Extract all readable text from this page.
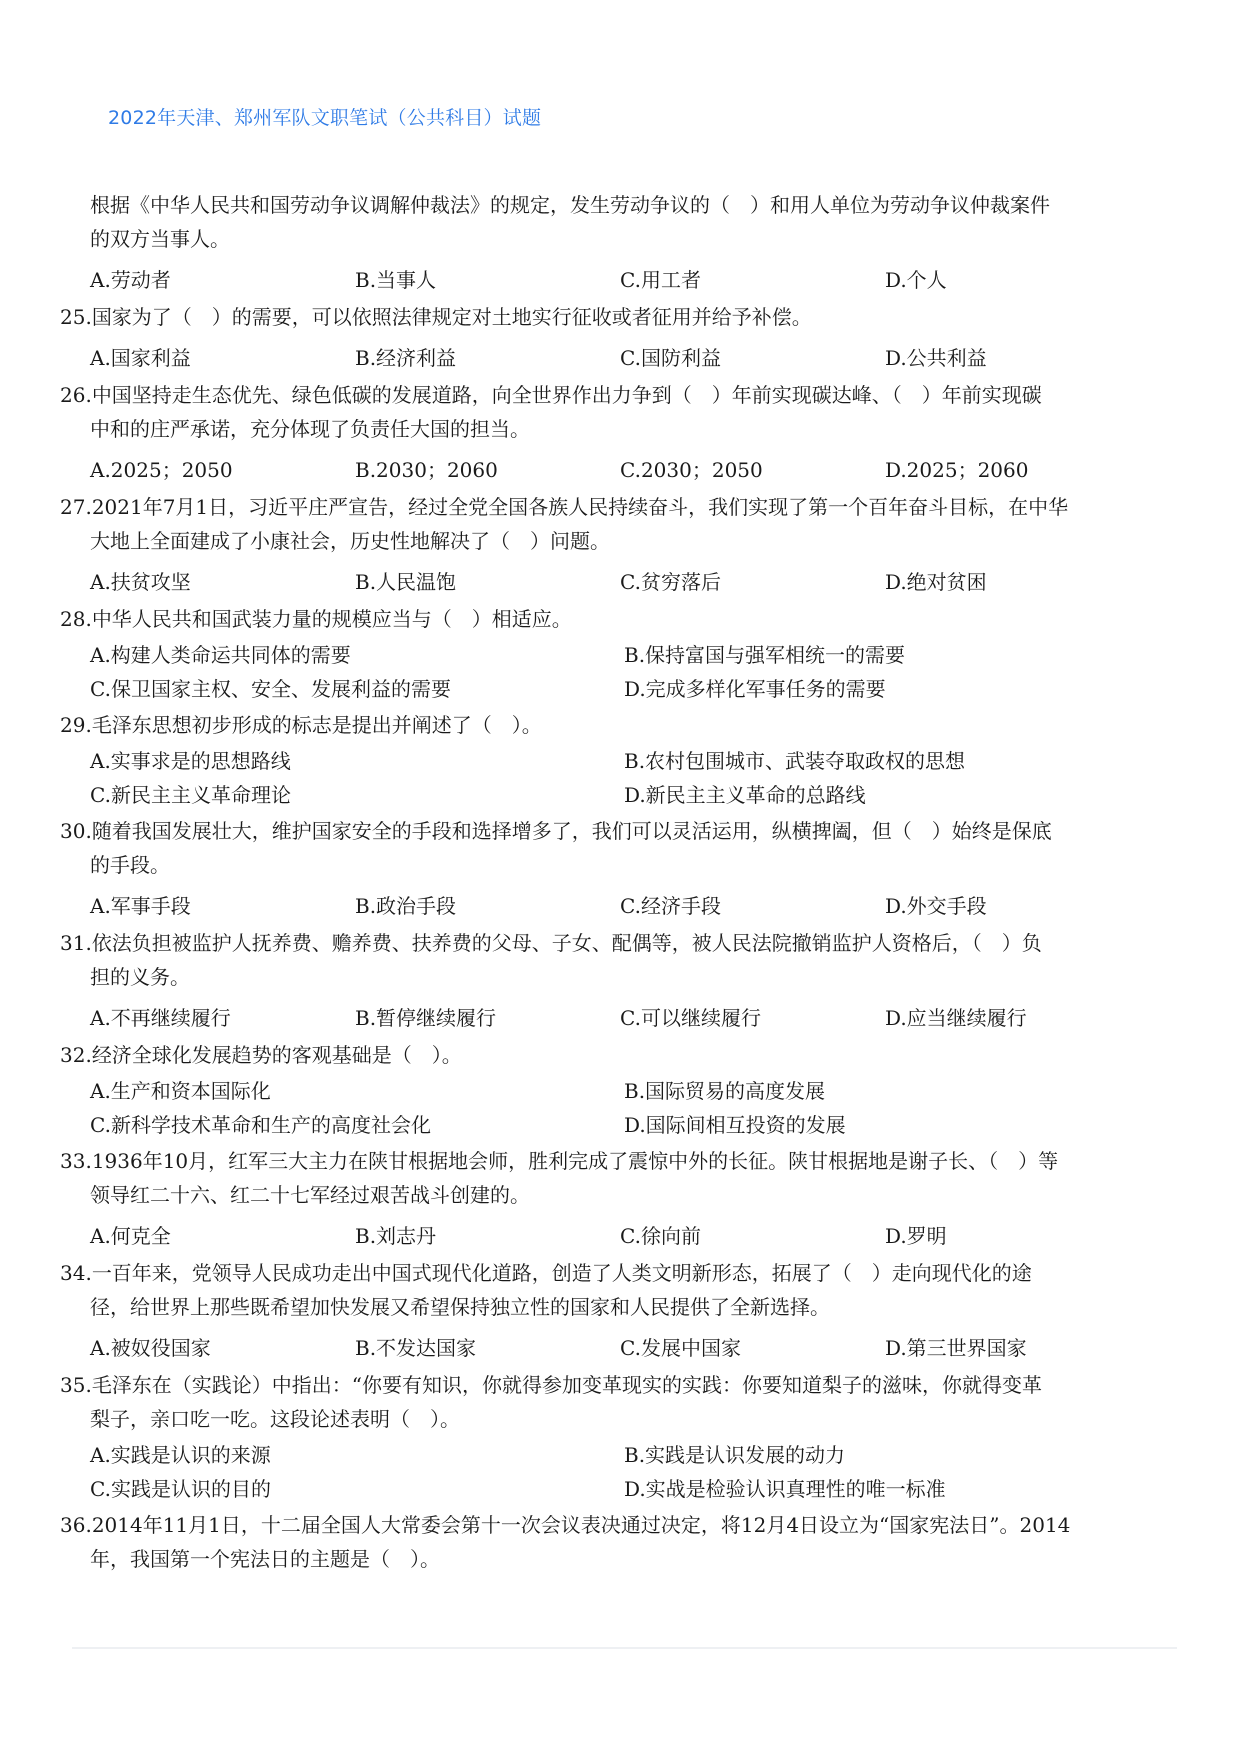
2022年天津、郑州军队文职笔试（公共科目）试题
根据《中华人民共和国劳动争议调解仲裁法》的规定，发生劳动争议的（　）和用人单位为劳动争议仲裁案件
的双方当事人。
A.劳动者	B.当事人	C.用工者	D.个人
25.国家为了（　）的需要，可以依照法律规定对土地实行征收或者征用并给予补偿。
A.国家利益	B.经济利益	C.国防利益	D.公共利益
26.中国坚持走生态优先、绿色低碳的发展道路，向全世界作出力争到（　）年前实现碳达峰、（　）年前实现碳
中和的庄严承诺，充分体现了负责任大国的担当。
A.2025；2050	B.2030；2060	C.2030；2050	D.2025；2060
27.2021年7月1日，习近平庄严宣告，经过全党全国各族人民持续奋斗，我们实现了第一个百年奋斗目标，在中华
大地上全面建成了小康社会，历史性地解决了（　）问题。
A.扶贫攻坚	B.人民温饱	C.贫穷落后	D.绝对贫困
28.中华人民共和国武装力量的规模应当与（　）相适应。
A.构建人类命运共同体的需要	B.保持富国与强军相统一的需要
C.保卫国家主权、安全、发展利益的需要	D.完成多样化军事任务的需要
29.毛泽东思想初步形成的标志是提出并阐述了（　）。
A.实事求是的思想路线	B.农村包围城市、武装夺取政权的思想
C.新民主主义革命理论	D.新民主主义革命的总路线
30.随着我国发展壮大，维护国家安全的手段和选择增多了，我们可以灵活运用，纵横捭阖，但（　）始终是保底
的手段。
A.军事手段	B.政治手段	C.经济手段	D.外交手段
31.依法负担被监护人抚养费、赡养费、扶养费的父母、子女、配偶等，被人民法院撤销监护人资格后，（　）负
担的义务。
A.不再继续履行	B.暂停继续履行	C.可以继续履行	D.应当继续履行
32.经济全球化发展趋势的客观基础是（　）。
A.生产和资本国际化	B.国际贸易的高度发展
C.新科学技术革命和生产的高度社会化	D.国际间相互投资的发展
33.1936年10月，红军三大主力在陕甘根据地会师，胜利完成了震惊中外的长征。陕甘根据地是谢子长、（　）等
领导红二十六、红二十七军经过艰苦战斗创建的。
A.何克全	B.刘志丹	C.徐向前	D.罗明
34.一百年来，党领导人民成功走出中国式现代化道路，创造了人类文明新形态，拓展了（　）走向现代化的途
径，给世界上那些既希望加快发展又希望保持独立性的国家和人民提供了全新选择。
A.被奴役国家	B.不发达国家	C.发展中国家	D.第三世界国家
35.毛泽东在（实践论）中指出：“你要有知识，你就得参加变革现实的实践：你要知道梨子的滋味，你就得变革
梨子，亲口吃一吃。这段论述表明（　）。
A.实践是认识的来源	B.实践是认识发展的动力
C.实践是认识的目的	D.实战是检验认识真理性的唯一标准
36.2014年11月1日，十二届全国人大常委会第十一次会议表决通过决定，将12月4日设立为“国家宪法日”。2014
年，我国第一个宪法日的主题是（　）。
